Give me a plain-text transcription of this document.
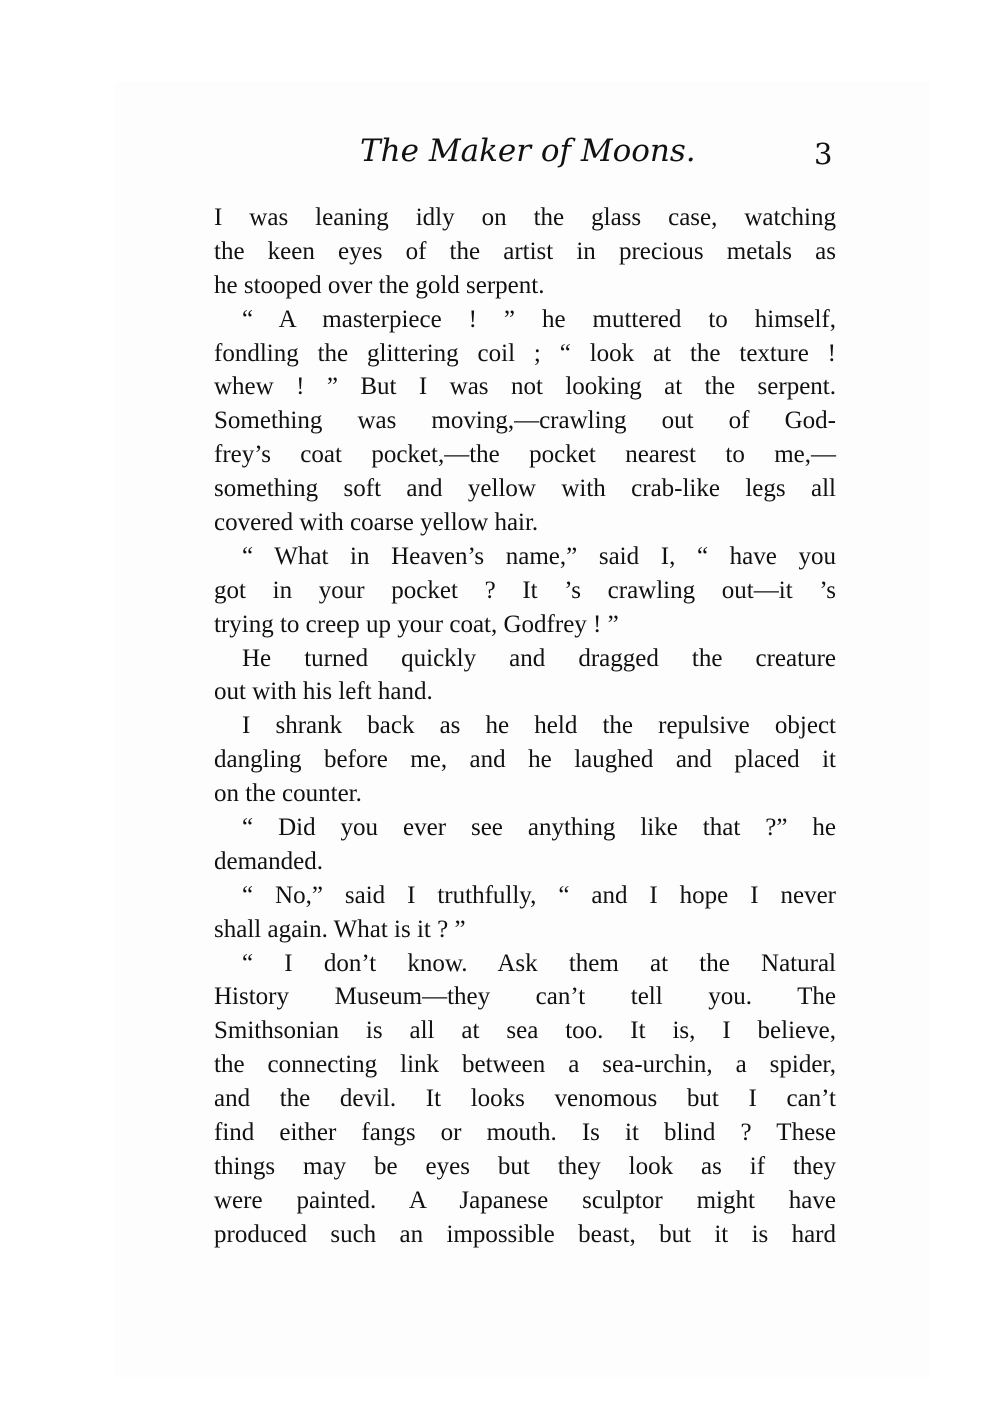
The Maker of Moons.	3
I was leaning idly on the glass case, watching
the keen eyes of the artist in precious metals as
he stooped over the gold serpent.
“ A masterpiece ! ” he muttered to himself,
fondling the glittering coil ; “ look at the texture !
whew ! ” But I was not looking at the serpent.
Something was moving,—crawling out of God-
frey’s coat pocket,—the pocket nearest to me,—
something soft and yellow with crab-like legs all
covered with coarse yellow hair.
“ What in Heaven’s name,” said I, “ have you
got in your pocket ? It ’s crawling out—it ’s
trying to creep up your coat, Godfrey ! ”
He turned quickly and dragged the creature
out with his left hand.
I shrank back as he held the repulsive object
dangling before me, and he laughed and placed it
on the counter.
“ Did you ever see anything like that ?” he
demanded.
“ No,” said I truthfully, “ and I hope I never
shall again. What is it ? ”
“ I don’t know. Ask them at the Natural
History Museum—they can’t tell you. The
Smithsonian is all at sea too. It is, I believe,
the connecting link between a sea-urchin, a spider,
and the devil. It looks venomous but I can’t
find either fangs or mouth. Is it blind ? These
things may be eyes but they look as if they
were painted. A Japanese sculptor might have
produced such an impossible beast, but it is hard
